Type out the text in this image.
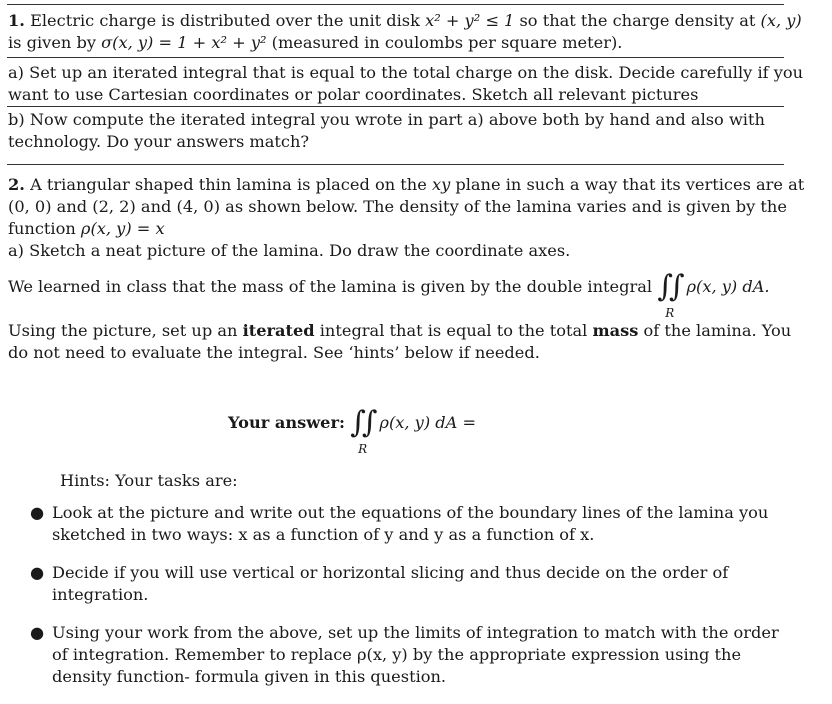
1. Electric charge is distributed over the unit disk x² + y² ≤ 1 so that the charge density at (x, y)
is given by σ(x, y) = 1 + x² + y² (measured in coulombs per square meter).
a) Set up an iterated integral that is equal to the total charge on the disk. Decide carefully if you
want to use Cartesian coordinates or polar coordinates. Sketch all relevant pictures
b) Now compute the iterated integral you wrote in part a) above both by hand and also with
technology. Do your answers match?
2. A triangular shaped thin lamina is placed on the xy plane in such a way that its vertices are at
(0, 0) and (2, 2) and (4, 0) as shown below. The density of the lamina varies and is given by the
function ρ(x, y) = x
a) Sketch a neat picture of the lamina. Do draw the coordinate axes.
We learned in class that the mass of the lamina is given by the double integral ∫∫
R
ρ(x, y) dA.
Using the picture, set up an iterated integral that is equal to the total mass of the lamina. You
do not need to evaluate the integral. See ‘hints’ below if needed.
Your answer: ∫∫
R
ρ(x, y) dA =
Hints: Your tasks are:
● Look at the picture and write out the equations of the boundary lines of the lamina you sketched in two ways: x as a function of y and y as a function of x.
● Decide if you will use vertical or horizontal slicing and thus decide on the order of integration.
● Using your work from the above, set up the limits of integration to match with the order of integration. Remember to replace ρ(x, y) by the appropriate expression using the density function- formula given in this question.
